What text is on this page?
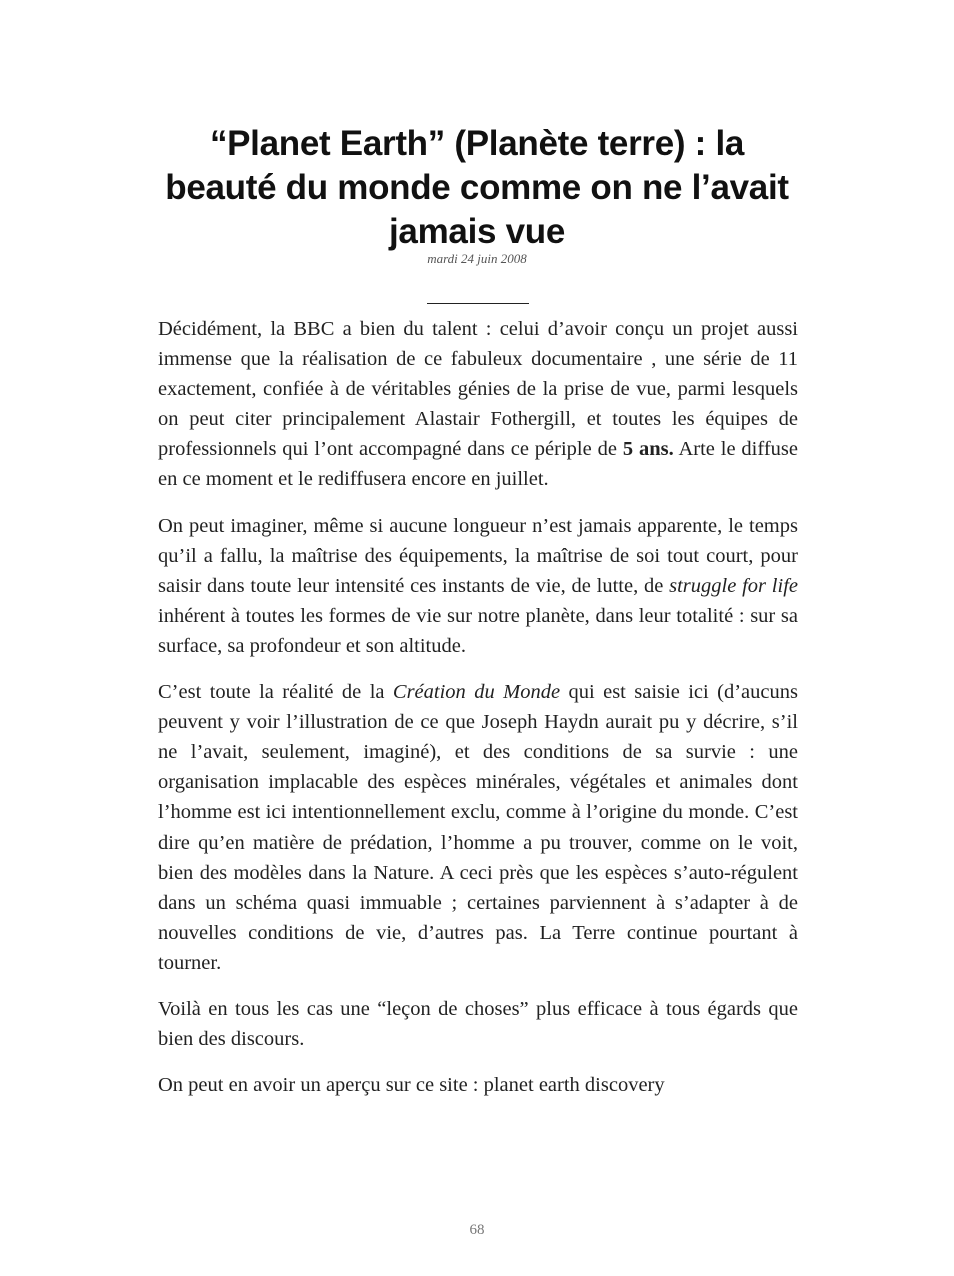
“Planet Earth” (Planète terre) : la beauté du monde comme on ne l’avait jamais vue
mardi 24 juin 2008

Décidément, la BBC a bien du talent : celui d’avoir conçu un projet aussi immense que la réalisation de ce fabuleux documentaire , une série de 11 exactement, confiée à de véritables génies de la prise de vue, parmi lesquels on peut citer principalement Alastair Fothergill, et toutes les équipes de professionnels qui l’ont accompagné dans ce périple de 5 ans. Arte le diffuse en ce moment et le rediffusera encore en juillet.

On peut imaginer, même si aucune longueur n’est jamais apparente, le temps qu’il a fallu, la maîtrise des équipements, la maîtrise de soi tout court, pour saisir dans toute leur intensité ces instants de vie, de lutte, de struggle for life inhérent à toutes les formes de vie sur notre planète, dans leur totalité : sur sa surface, sa profondeur et son altitude.

C’est toute la réalité de la Création du Monde qui est saisie ici (d’aucuns peuvent y voir l’illustration de ce que Joseph Haydn aurait pu y décrire, s’il ne l’avait, seulement, imaginé), et des conditions de sa survie : une organisation implacable des espèces minérales, végétales et animales dont l’homme est ici intentionnellement exclu, comme à l’origine du monde. C’est dire qu’en matière de prédation, l’homme a pu trouver, comme on le voit, bien des modèles dans la Nature. A ceci près que les espèces s’auto-régulent dans un schéma quasi immuable ; certaines parviennent à s’adapter à de nouvelles conditions de vie, d’autres pas. La Terre continue pourtant à tourner.

Voilà en tous les cas une “leçon de choses” plus efficace à tous égards que bien des discours.

On peut en avoir un aperçu sur ce site : planet earth discovery

68
